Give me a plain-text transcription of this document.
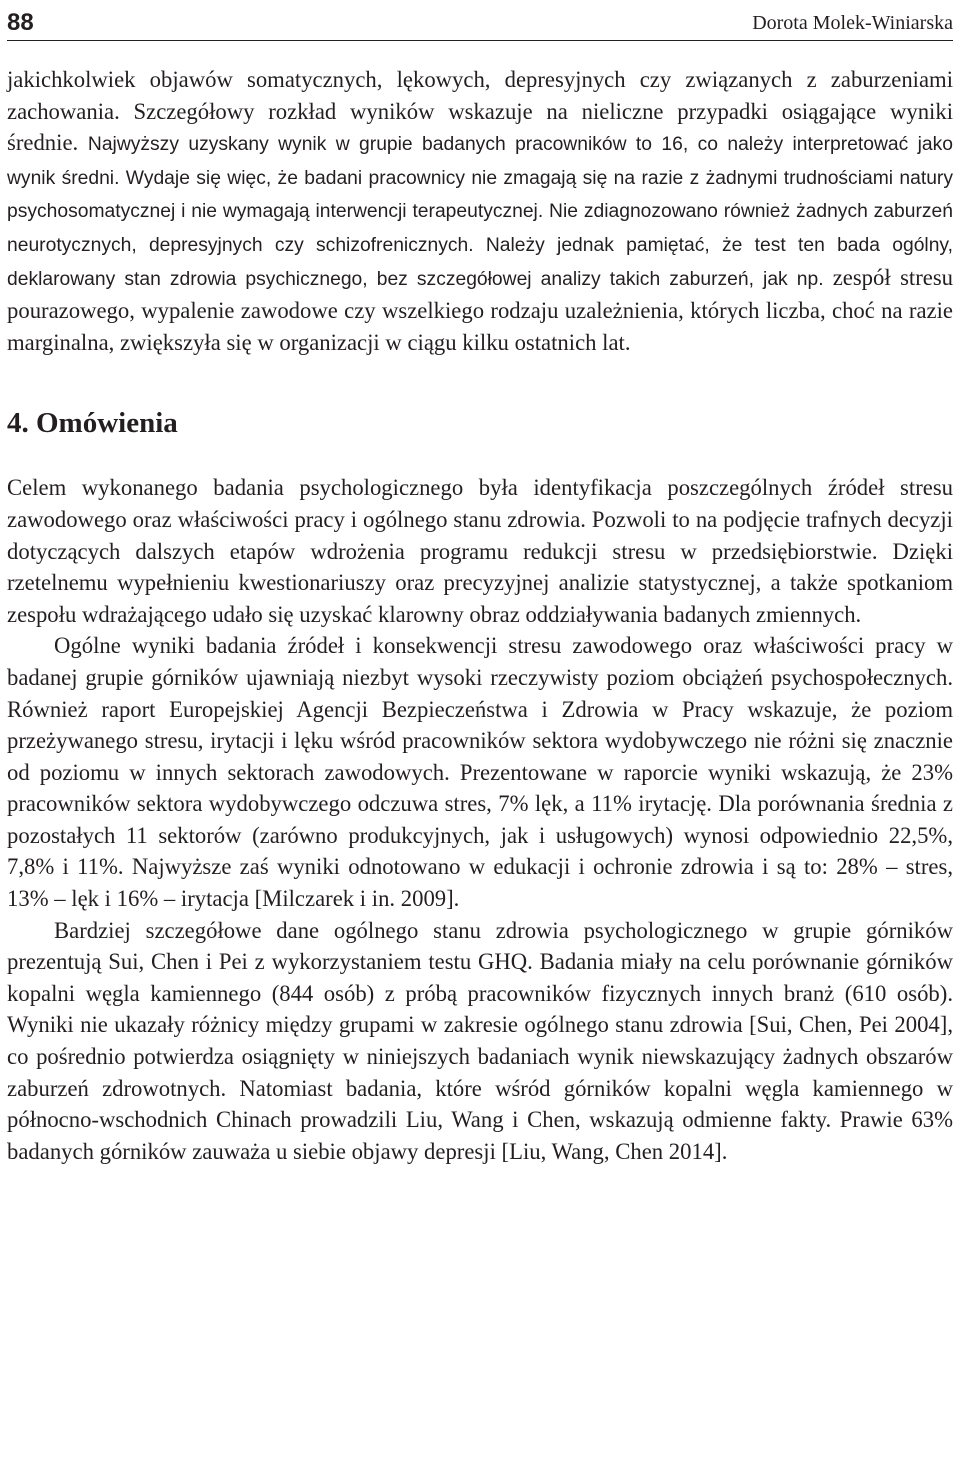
88	Dorota Molek-Winiarska

jakichkolwiek objawów somatycznych, lękowych, depresyjnych czy związanych z zaburzeniami zachowania. Szczegółowy rozkład wyników wskazuje na nieliczne przypadki osiągające wyniki średnie. Najwyższy uzyskany wynik w grupie badanych pracowników to 16, co należy interpretować jako wynik średni. Wydaje się więc, że badani pracownicy nie zmagają się na razie z żadnymi trudnościami natury psychosomatycznej i nie wymagają interwencji terapeutycznej. Nie zdiagnozowano również żadnych zaburzeń neurotycznych, depresyjnych czy schizofrenicznych. Należy jednak pamiętać, że test ten bada ogólny, deklarowany stan zdrowia psychicznego, bez szczegółowej analizy takich zaburzeń, jak np. zespół stresu pourazowego, wypalenie zawodowe czy wszelkiego rodzaju uzależnienia, których liczba, choć na razie marginalna, zwiększyła się w organizacji w ciągu kilku ostatnich lat.

4. Omówienia

Celem wykonanego badania psychologicznego była identyfikacja poszczególnych źródeł stresu zawodowego oraz właściwości pracy i ogólnego stanu zdrowia. Pozwoli to na podjęcie trafnych decyzji dotyczących dalszych etapów wdrożenia programu redukcji stresu w przedsiębiorstwie. Dzięki rzetelnemu wypełnieniu kwestionariuszy oraz precyzyjnej analizie statystycznej, a także spotkaniom zespołu wdrażającego udało się uzyskać klarowny obraz oddziaływania badanych zmiennych.

Ogólne wyniki badania źródeł i konsekwencji stresu zawodowego oraz właściwości pracy w badanej grupie górników ujawniają niezbyt wysoki rzeczywisty poziom obciążeń psychospołecznych. Również raport Europejskiej Agencji Bezpieczeństwa i Zdrowia w Pracy wskazuje, że poziom przeżywanego stresu, irytacji i lęku wśród pracowników sektora wydobywczego nie różni się znacznie od poziomu w innych sektorach zawodowych. Prezentowane w raporcie wyniki wskazują, że 23% pracowników sektora wydobywczego odczuwa stres, 7% lęk, a 11% irytację. Dla porównania średnia z pozostałych 11 sektorów (zarówno produkcyjnych, jak i usługowych) wynosi odpowiednio 22,5%, 7,8% i 11%. Najwyższe zaś wyniki odnotowano w edukacji i ochronie zdrowia i są to: 28% – stres, 13% – lęk i 16% – irytacja [Milczarek i in. 2009].

Bardziej szczegółowe dane ogólnego stanu zdrowia psychologicznego w grupie górników prezentują Sui, Chen i Pei z wykorzystaniem testu GHQ. Badania miały na celu porównanie górników kopalni węgla kamiennego (844 osób) z próbą pracowników fizycznych innych branż (610 osób). Wyniki nie ukazały różnicy między grupami w zakresie ogólnego stanu zdrowia [Sui, Chen, Pei 2004], co pośrednio potwierdza osiągnięty w niniejszych badaniach wynik niewskazujący żadnych obszarów zaburzeń zdrowotnych. Natomiast badania, które wśród górników kopalni węgla kamiennego w północno-wschodnich Chinach prowadzili Liu, Wang i Chen, wskazują odmienne fakty. Prawie 63% badanych górników zauważa u siebie objawy depresji [Liu, Wang, Chen 2014].
